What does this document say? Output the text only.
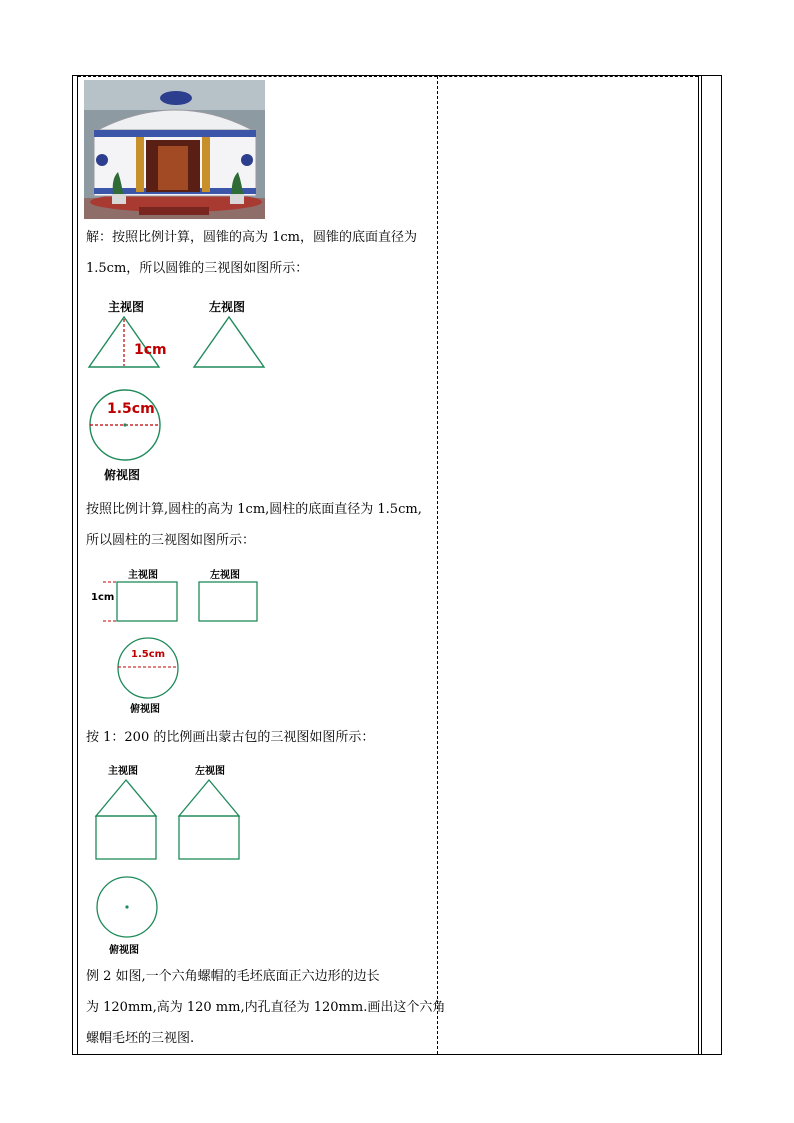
解：按照比例计算，圆锥的高为 1cm，圆锥的底面直径为
1.5cm，所以圆锥的三视图如图所示：
主视图	左视图
1cm
1.5cm
俯视图
按照比例计算,圆柱的高为 1cm,圆柱的底面直径为 1.5cm,
所以圆柱的三视图如图所示：
主视图	左视图
1cm
1.5cm
俯视图
按 1：200 的比例画出蒙古包的三视图如图所示：
主视图	左视图
俯视图
例 2 如图,一个六角螺帽的毛坯底面正六边形的边长
为 120mm,高为 120 mm,内孔直径为 120mm.画出这个六角
螺帽毛坯的三视图.
